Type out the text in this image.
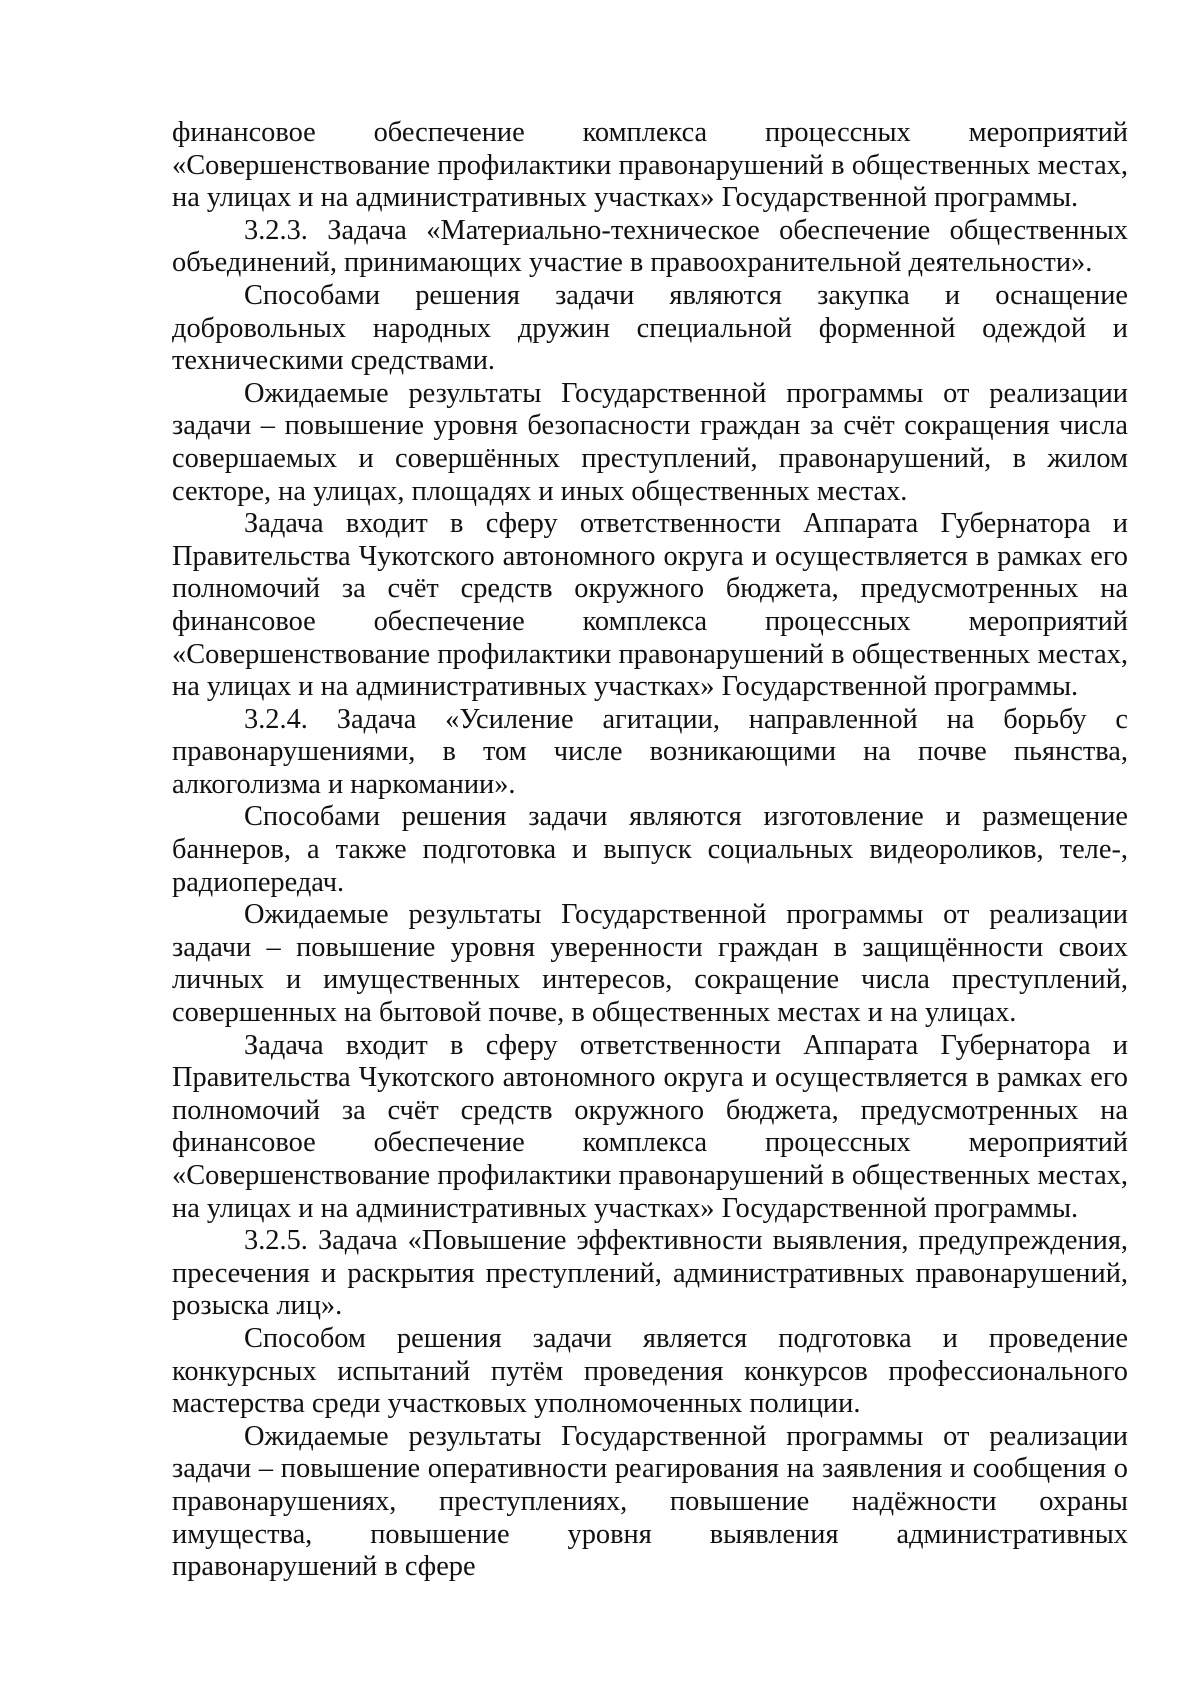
финансовое обеспечение комплекса процессных мероприятий «Совершенствование профилактики правонарушений в общественных местах, на улицах и на административных участках» Государственной программы.

3.2.3. Задача «Материально-техническое обеспечение общественных объединений, принимающих участие в правоохранительной деятельности».

Способами решения задачи являются закупка и оснащение добровольных народных дружин специальной форменной одеждой и техническими средствами.

Ожидаемые результаты Государственной программы от реализации задачи – повышение уровня безопасности граждан за счёт сокращения числа совершаемых и совершённых преступлений, правонарушений, в жилом секторе, на улицах, площадях и иных общественных местах.

Задача входит в сферу ответственности Аппарата Губернатора и Правительства Чукотского автономного округа и осуществляется в рамках его полномочий за счёт средств окружного бюджета, предусмотренных на финансовое обеспечение комплекса процессных мероприятий «Совершенствование профилактики правонарушений в общественных местах, на улицах и на административных участках» Государственной программы.

3.2.4. Задача «Усиление агитации, направленной на борьбу с правонарушениями, в том числе возникающими на почве пьянства, алкоголизма и наркомании».

Способами решения задачи являются изготовление и размещение баннеров, а также подготовка и выпуск социальных видеороликов, теле-, радиопередач.

Ожидаемые результаты Государственной программы от реализации задачи – повышение уровня уверенности граждан в защищённости своих личных и имущественных интересов, сокращение числа преступлений, совершенных на бытовой почве, в общественных местах и на улицах.

Задача входит в сферу ответственности Аппарата Губернатора и Правительства Чукотского автономного округа и осуществляется в рамках его полномочий за счёт средств окружного бюджета, предусмотренных на финансовое обеспечение комплекса процессных мероприятий «Совершенствование профилактики правонарушений в общественных местах, на улицах и на административных участках» Государственной программы.

3.2.5. Задача «Повышение эффективности выявления, предупреждения, пресечения и раскрытия преступлений, административных правонарушений, розыска лиц».

Способом решения задачи является подготовка и проведение конкурсных испытаний путём проведения конкурсов профессионального мастерства среди участковых уполномоченных полиции.

Ожидаемые результаты Государственной программы от реализации задачи – повышение оперативности реагирования на заявления и сообщения о правонарушениях, преступлениях, повышение надёжности охраны имущества, повышение уровня выявления административных правонарушений в сфере
